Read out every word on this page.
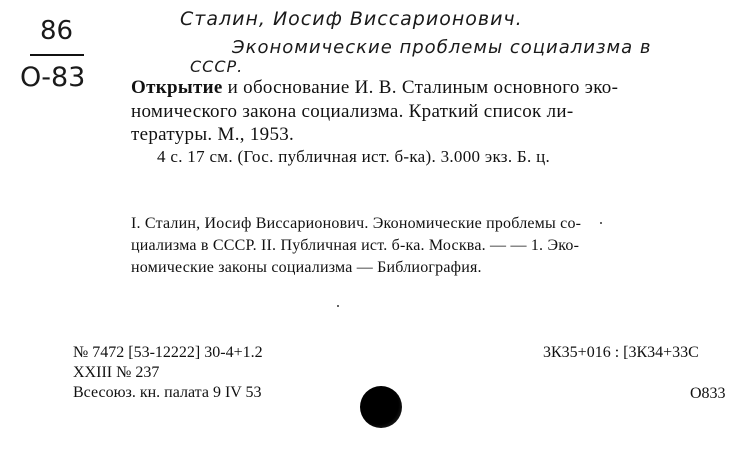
86
О-83
Сталин, Иосиф Виссарионович.
Экономические проблемы социализма в
СССР.
Открытие и обоснование И. В. Сталиным основного эко-
номического закона социализма. Краткий список ли-
тературы. М., 1953.
4 с. 17 см. (Гос. публичная ист. б-ка). 3.000 экз. Б. ц.
I. Сталин, Иосиф Виссарионович. Экономические проблемы со-
циализма в СССР. II. Публичная ист. б-ка. Москва. — — 1. Эко-
номические законы социализма — Библиография.
№ 7472 [53-12222] 30-4+1.2
XXIII № 237
Всесоюз. кн. палата 9 IV 53
3К35+016 : [3К34+33С
O833
